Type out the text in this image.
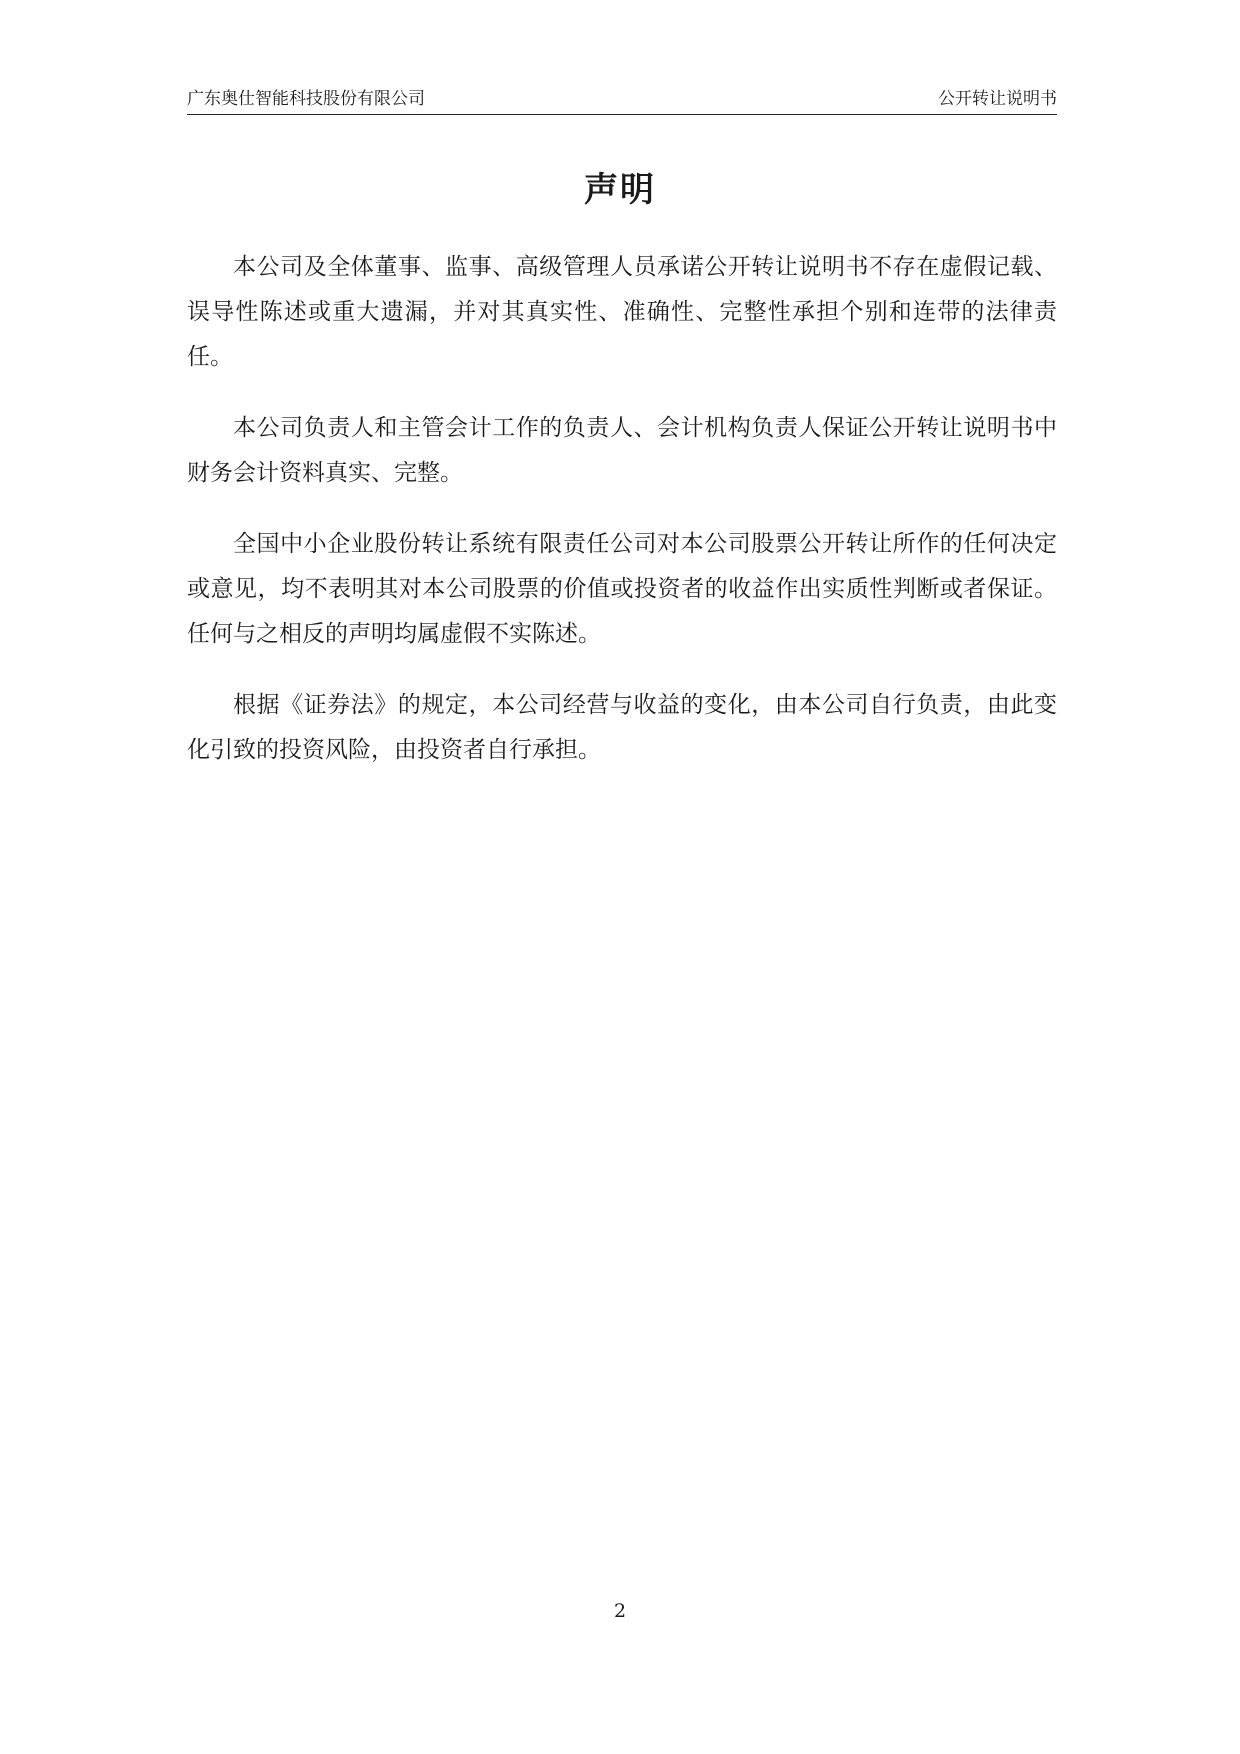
广东奥仕智能科技股份有限公司	公开转让说明书
声明

本公司及全体董事、监事、高级管理人员承诺公开转让说明书不存在虚假记载、误导性陈述或重大遗漏，并对其真实性、准确性、完整性承担个别和连带的法律责任。

本公司负责人和主管会计工作的负责人、会计机构负责人保证公开转让说明书中财务会计资料真实、完整。

全国中小企业股份转让系统有限责任公司对本公司股票公开转让所作的任何决定或意见，均不表明其对本公司股票的价值或投资者的收益作出实质性判断或者保证。任何与之相反的声明均属虚假不实陈述。

根据《证券法》的规定，本公司经营与收益的变化，由本公司自行负责，由此变化引致的投资风险，由投资者自行承担。

2
